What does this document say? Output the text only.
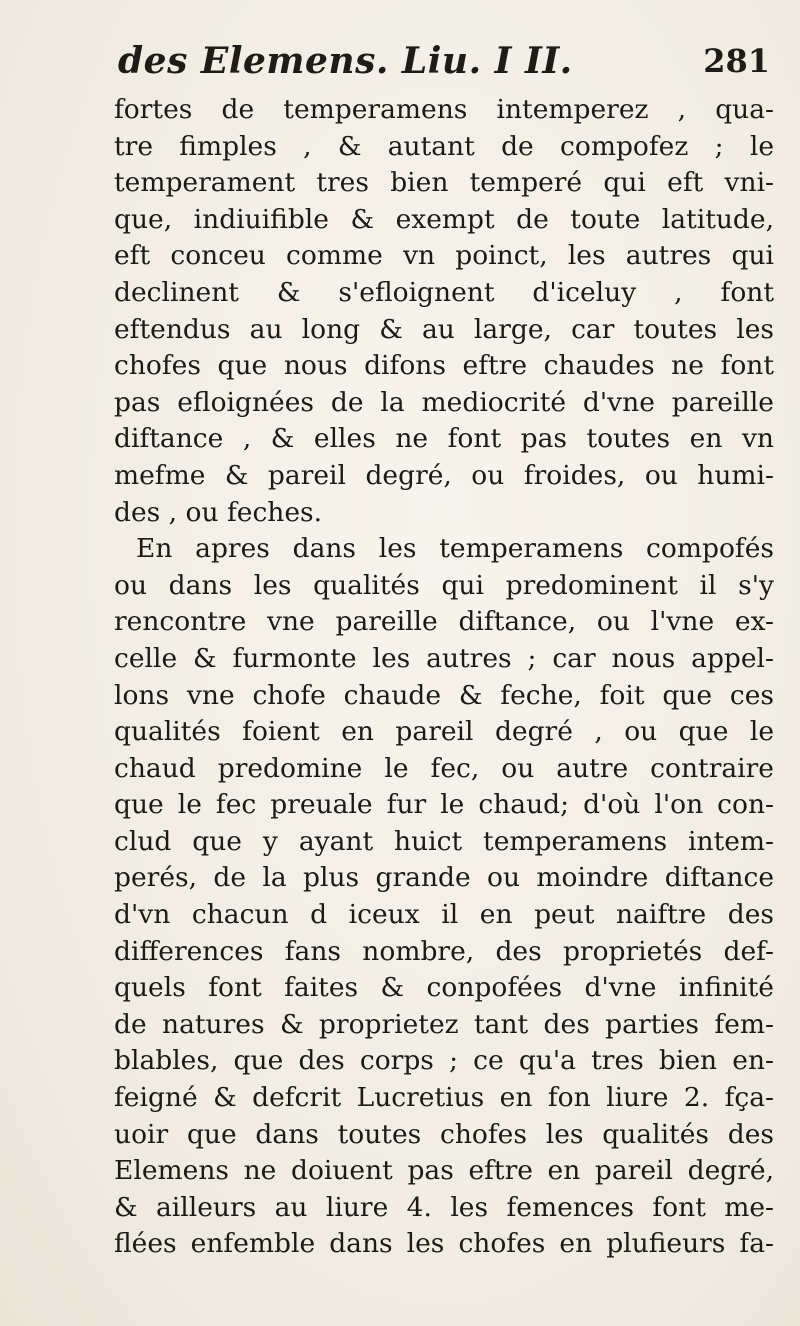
des Elemens. Liu. I II.	281
fortes de temperamens intemperez , qua-
tre fimples , & autant de compofez ; le
temperament tres bien temperé qui eft vni-
que, indiuifible & exempt de toute latitude,
eft conceu comme vn poinct, les autres qui
declinent & s'efloignent d'iceluy , font
eftendus au long & au large, car toutes les
chofes que nous difons eftre chaudes ne font
pas efloignées de la mediocrité d'vne pareille
diftance , & elles ne font pas toutes en vn
mefme & pareil degré, ou froides, ou humi-
des , ou feches.
En apres dans les temperamens compofés
ou dans les qualités qui predominent il s'y
rencontre vne pareille diftance, ou l'vne ex-
celle & furmonte les autres ; car nous appel-
lons vne chofe chaude & feche, foit que ces
qualités foient en pareil degré , ou que le
chaud predomine le fec, ou autre contraire
que le fec preuale fur le chaud; d'où l'on con-
clud que y ayant huict temperamens intem-
perés, de la plus grande ou moindre diftance
d'vn chacun d iceux il en peut naiftre des
differences fans nombre, des proprietés def-
quels font faites & conpofées d'vne infinité
de natures & proprietez tant des parties fem-
blables, que des corps ; ce qu'a tres bien en-
feigné & defcrit Lucretius en fon liure 2. fça-
uoir que dans toutes chofes les qualités des
Elemens ne doiuent pas eftre en pareil degré,
& ailleurs au liure 4. les femences font me-
flées enfemble dans les chofes en plufieurs fa-
